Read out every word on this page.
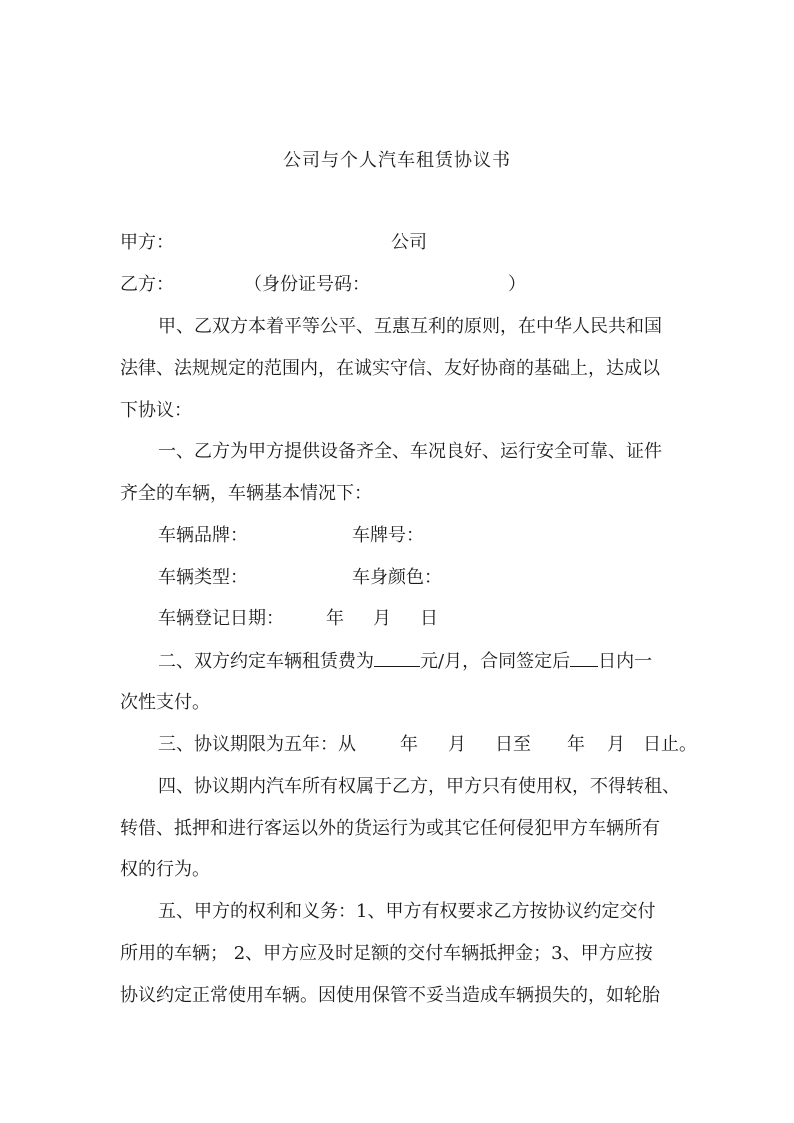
公司与个人汽车租赁协议书
甲方：	公司
乙方：	（身份证号码：	）
甲、乙双方本着平等公平、互惠互利的原则，在中华人民共和国
法律、法规规定的范围内，在诚实守信、友好协商的基础上，达成以
下协议：
一、乙方为甲方提供设备齐全、车况良好、运行安全可靠、证件
齐全的车辆，车辆基本情况下：
车辆品牌：	车牌号：
车辆类型：	车身颜色：
车辆登记日期： 年 月 日
二、双方约定车辆租赁费为	元/月，合同签定后 日内一
次性支付。
三、协议期限为五年：从 年 月 日至 年 月 日止。
四、协议期内汽车所有权属于乙方，甲方只有使用权，不得转租、
转借、抵押和进行客运以外的货运行为或其它任何侵犯甲方车辆所有
权的行为。
五、甲方的权利和义务：1、甲方有权要求乙方按协议约定交付
所用的车辆； 2、甲方应及时足额的交付车辆抵押金；3、甲方应按
协议约定正常使用车辆。因使用保管不妥当造成车辆损失的，如轮胎
